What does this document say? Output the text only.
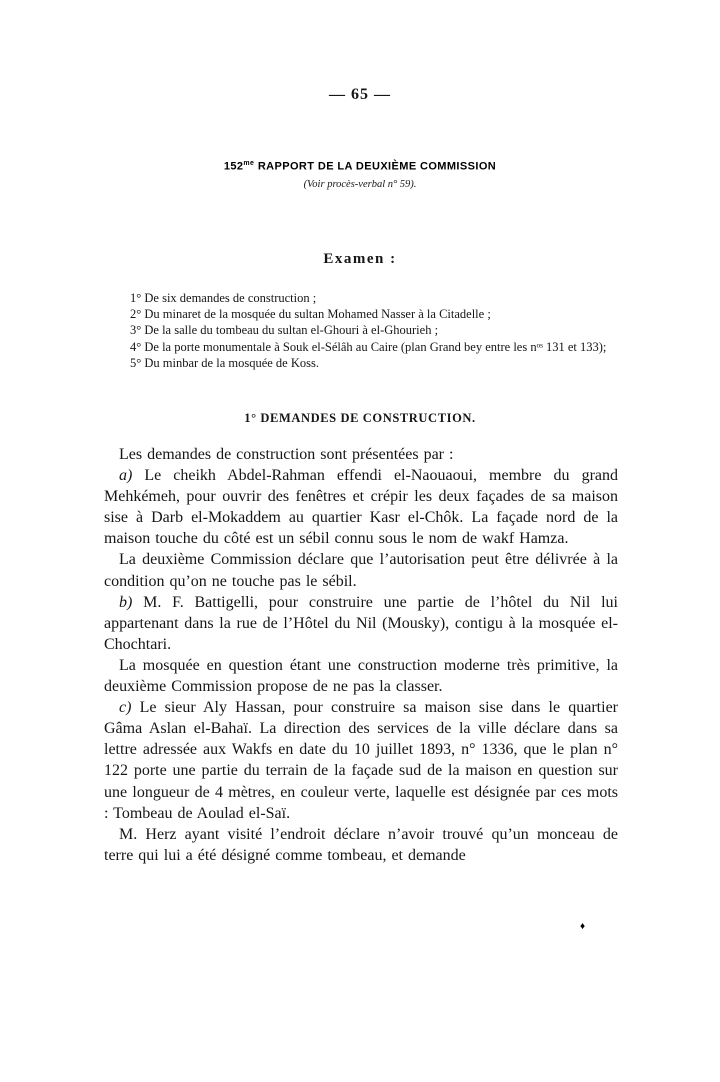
— 65 —
$152^{me}$ RAPPORT DE LA DEUXIÈME COMMISSION
(Voir procès-verbal n° 59).
Examen :
1° De six demandes de construction ;
2° Du minaret de la mosquée du sultan Mohamed Nasser à la Citadelle ;
3° De la salle du tombeau du sultan el-Ghouri à el-Ghourieh ;
4° De la porte monumentale à Souk el-Sélâh au Caire (plan Grand bey entre les nᵒˢ 131 et 133);
5° Du minbar de la mosquée de Koss.
1° DEMANDES DE CONSTRUCTION.

Les demandes de construction sont présentées par :

a) Le cheikh Abdel-Rahman effendi el-Naouaoui, membre du grand Mehkémeh, pour ouvrir des fenêtres et crépir les deux façades de sa maison sise à Darb el-Mokaddem au quartier Kasr el-Chôk. La façade nord de la maison touche du côté est un sébil connu sous le nom de wakf Hamza.

La deuxième Commission déclare que l’autorisation peut être délivrée à la condition qu’on ne touche pas le sébil.

b) M. F. Battigelli, pour construire une partie de l’hôtel du Nil lui appartenant dans la rue de l’Hôtel du Nil (Mousky), contigu à la mosquée el-Chochtari.

La mosquée en question étant une construction moderne très primitive, la deuxième Commission propose de ne pas la classer.

c) Le sieur Aly Hassan, pour construire sa maison sise dans le quartier Gâma Aslan el-Bahaï. La direction des services de la ville déclare dans sa lettre adressée aux Wakfs en date du 10 juillet 1893, n° 1336, que le plan n° 122 porte une partie du terrain de la façade sud de la maison en question sur une longueur de 4 mètres, en couleur verte, laquelle est désignée par ces mots : Tombeau de Aoulad el-Saï.

M. Herz ayant visité l’endroit déclare n’avoir trouvé qu’un monceau de terre qui lui a été désigné comme tombeau, et demande

♦
